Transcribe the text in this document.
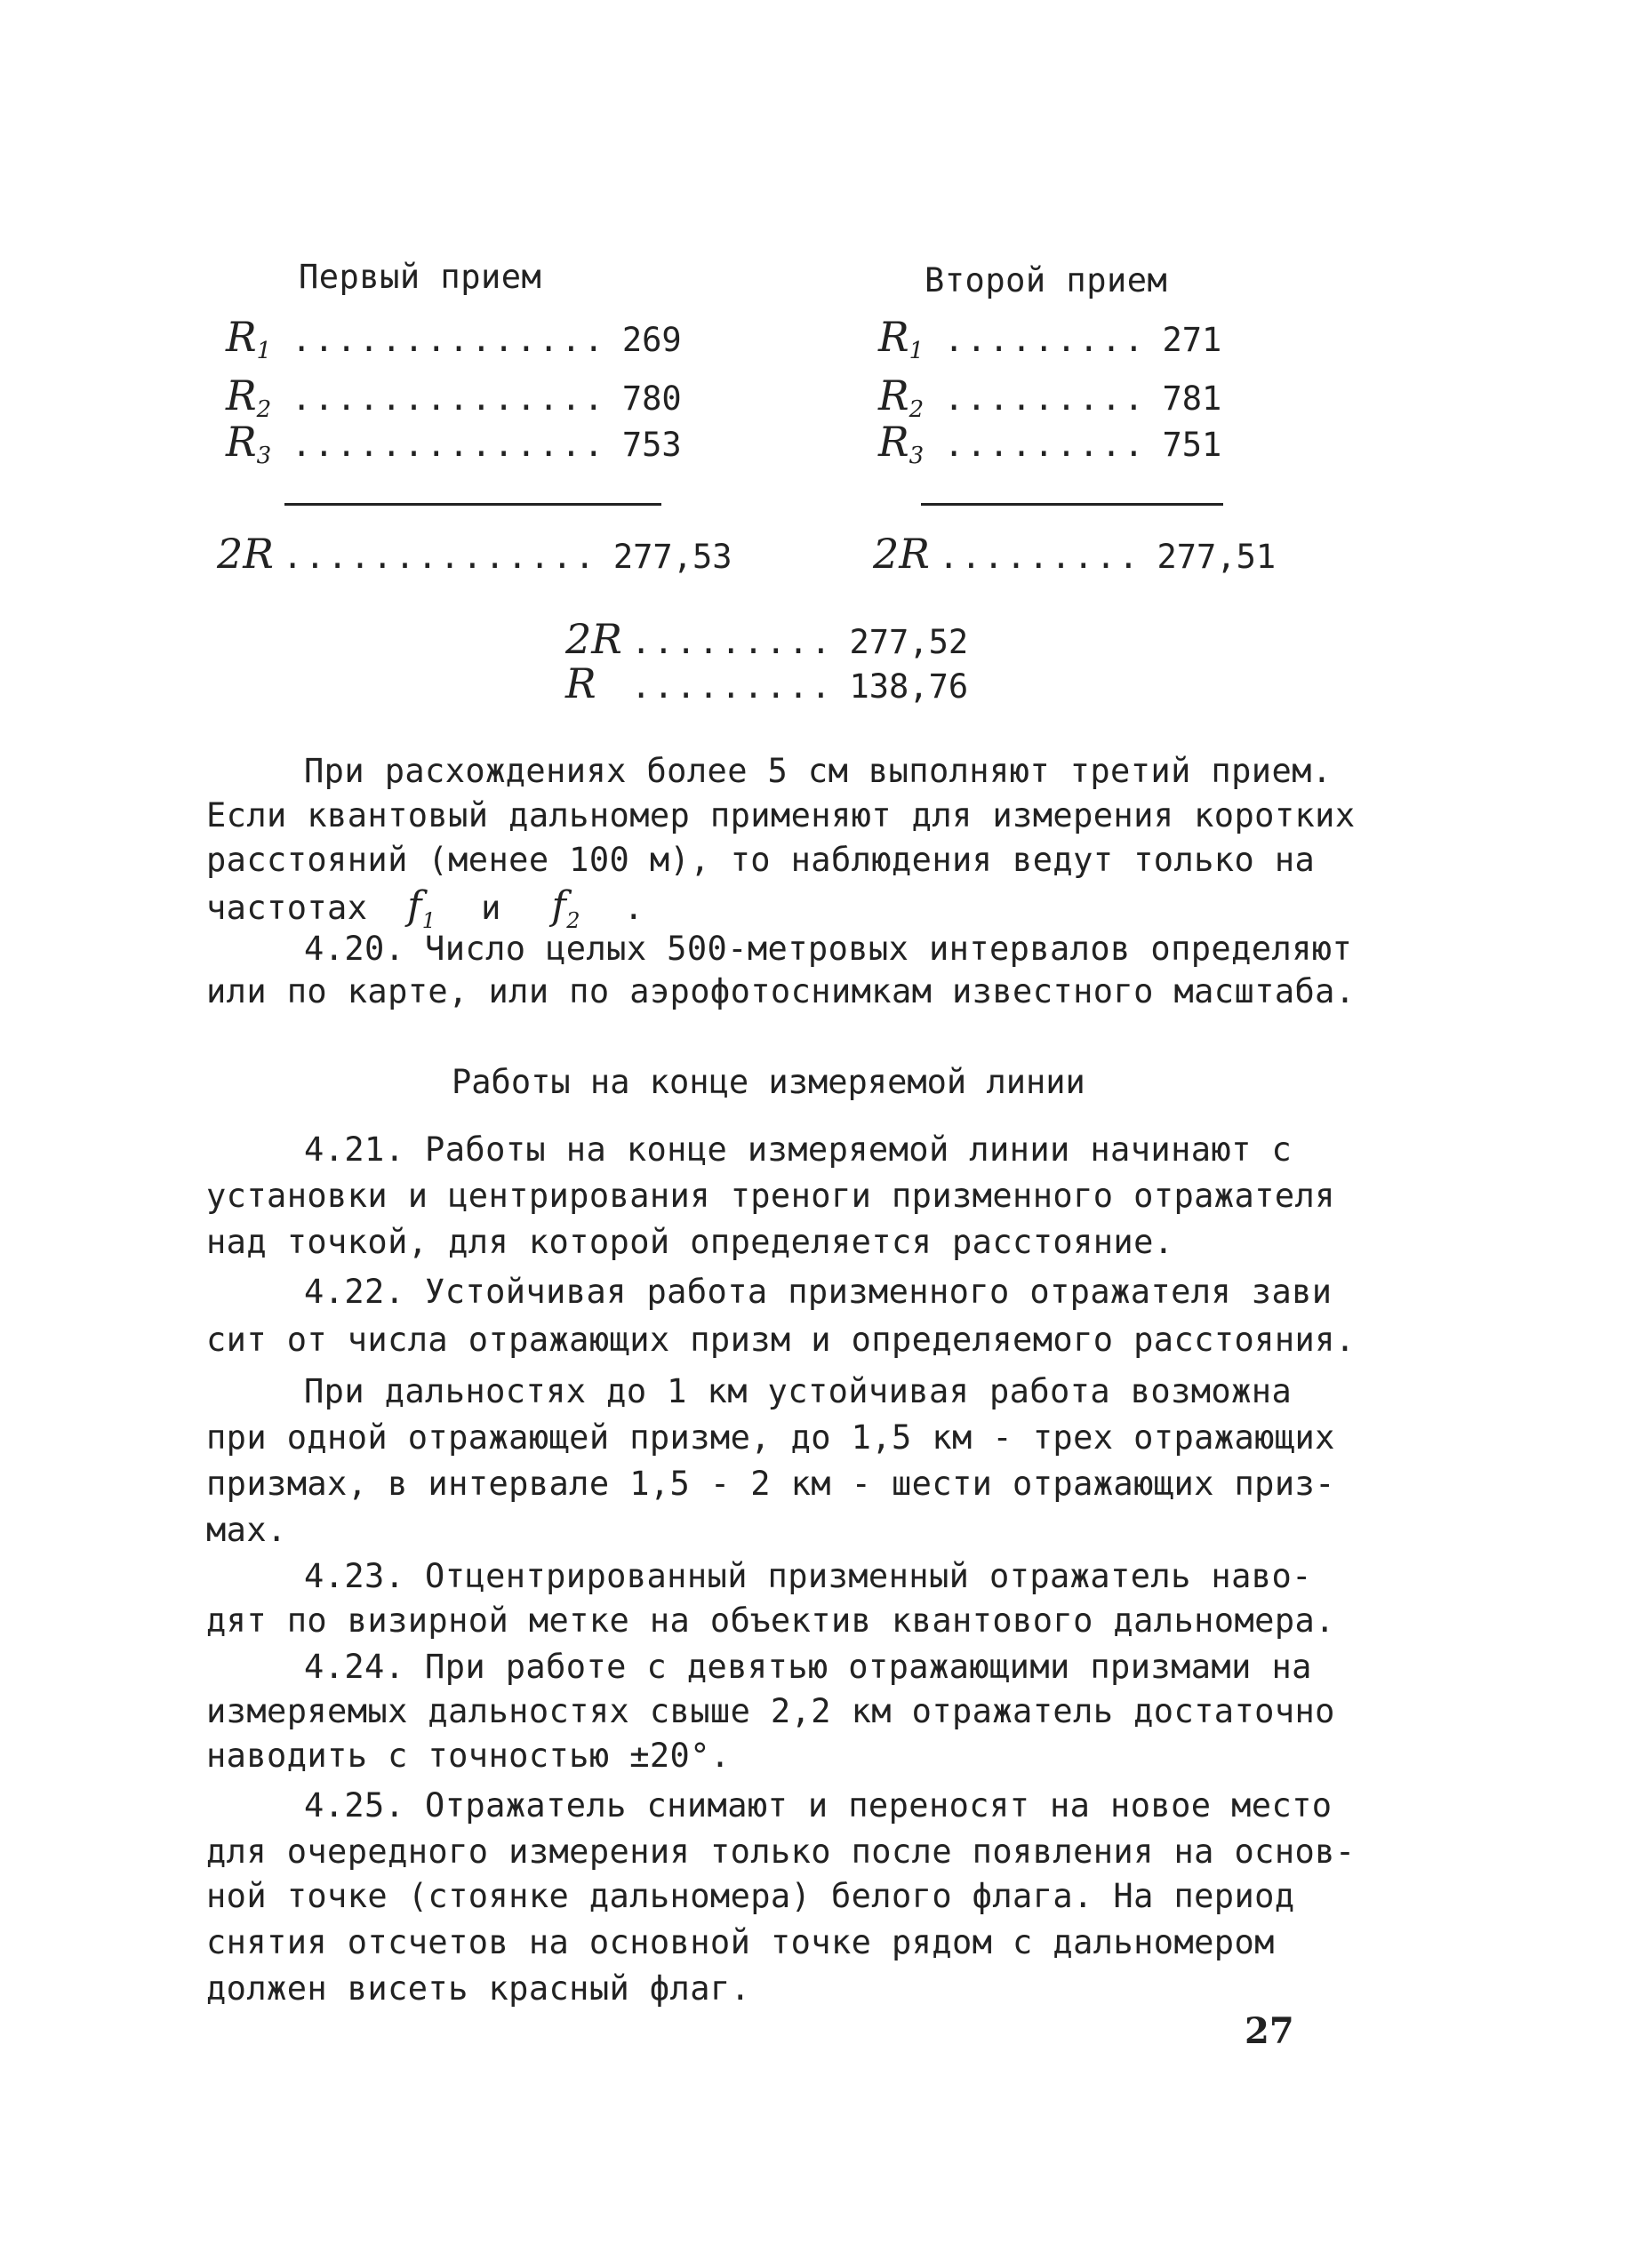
Первый прием
$R_1$ .............. 269
$R_2$ .............. 780
$R_3$ .............. 753
2R .............. 277,53
Второй прием
$R_1$ ......... 271
$R_2$ ......... 781
$R_3$ ......... 751
2R ......... 277,51
2R ......... 277,52
R ......... 138,76
При расхождениях более 5 см выполняют третий прием.
Если квантовый дальномер применяют для измерения коротких
расстояний (менее 100 м), то наблюдения ведут только на
частотах $f_1$ и $f_2$ .
4.20. Число целых 500-метровых интервалов определяют
или по карте, или по аэрофотоснимкам известного масштаба.
Работы на конце измеряемой линии
4.21. Работы на конце измеряемой линии начинают с
установки и центрирования треноги призменного отражателя
над точкой, для которой определяется расстояние.
4.22. Устойчивая работа призменного отражателя зави
сит от числа отражающих призм и определяемого расстояния.
При дальностях до 1 км устойчивая работа возможна
при одной отражающей призме, до 1,5 км - трех отражающих
призмах, в интервале 1,5 - 2 км - шести отражающих приз-
мах.
4.23. Отцентрированный призменный отражатель наво-
дят по визирной метке на объектив квантового дальномера.
4.24. При работе с девятью отражающими призмами на
измеряемых дальностях свыше 2,2 км отражатель достаточно
наводить с точностью ±20°.
4.25. Отражатель снимают и переносят на новое место
для очередного измерения только после появления на основ-
ной точке (стоянке дальномера) белого флага. На период
снятия отсчетов на основной точке рядом с дальномером
должен висеть красный флаг.
27
